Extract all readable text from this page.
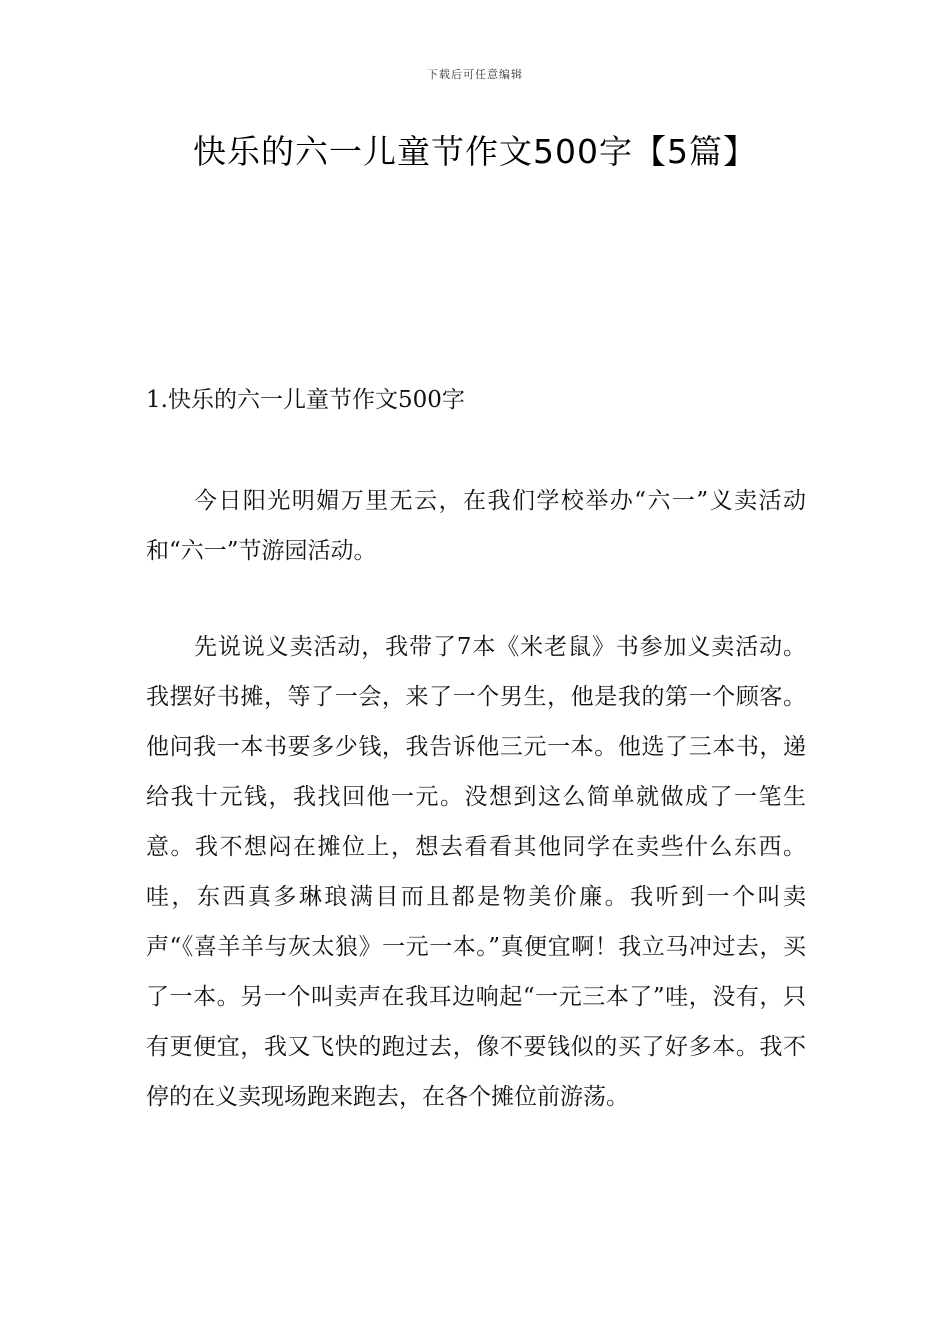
下载后可任意编辑
快乐的六一儿童节作文500字【5篇】
1.快乐的六一儿童节作文500字

今日阳光明媚万里无云，在我们学校举办“六一”义卖活动和“六一”节游园活动。

先说说义卖活动，我带了7本《米老鼠》书参加义卖活动。我摆好书摊，等了一会，来了一个男生，他是我的第一个顾客。他问我一本书要多少钱，我告诉他三元一本。他选了三本书，递给我十元钱，我找回他一元。没想到这么简单就做成了一笔生意。我不想闷在摊位上，想去看看其他同学在卖些什么东西。哇，东西真多琳琅满目而且都是物美价廉。我听到一个叫卖声“《喜羊羊与灰太狼》一元一本。”真便宜啊！我立马冲过去，买了一本。另一个叫卖声在我耳边响起“一元三本了”哇，没有，只有更便宜，我又飞快的跑过去，像不要钱似的买了好多本。我不停的在义卖现场跑来跑去，在各个摊位前游荡。
